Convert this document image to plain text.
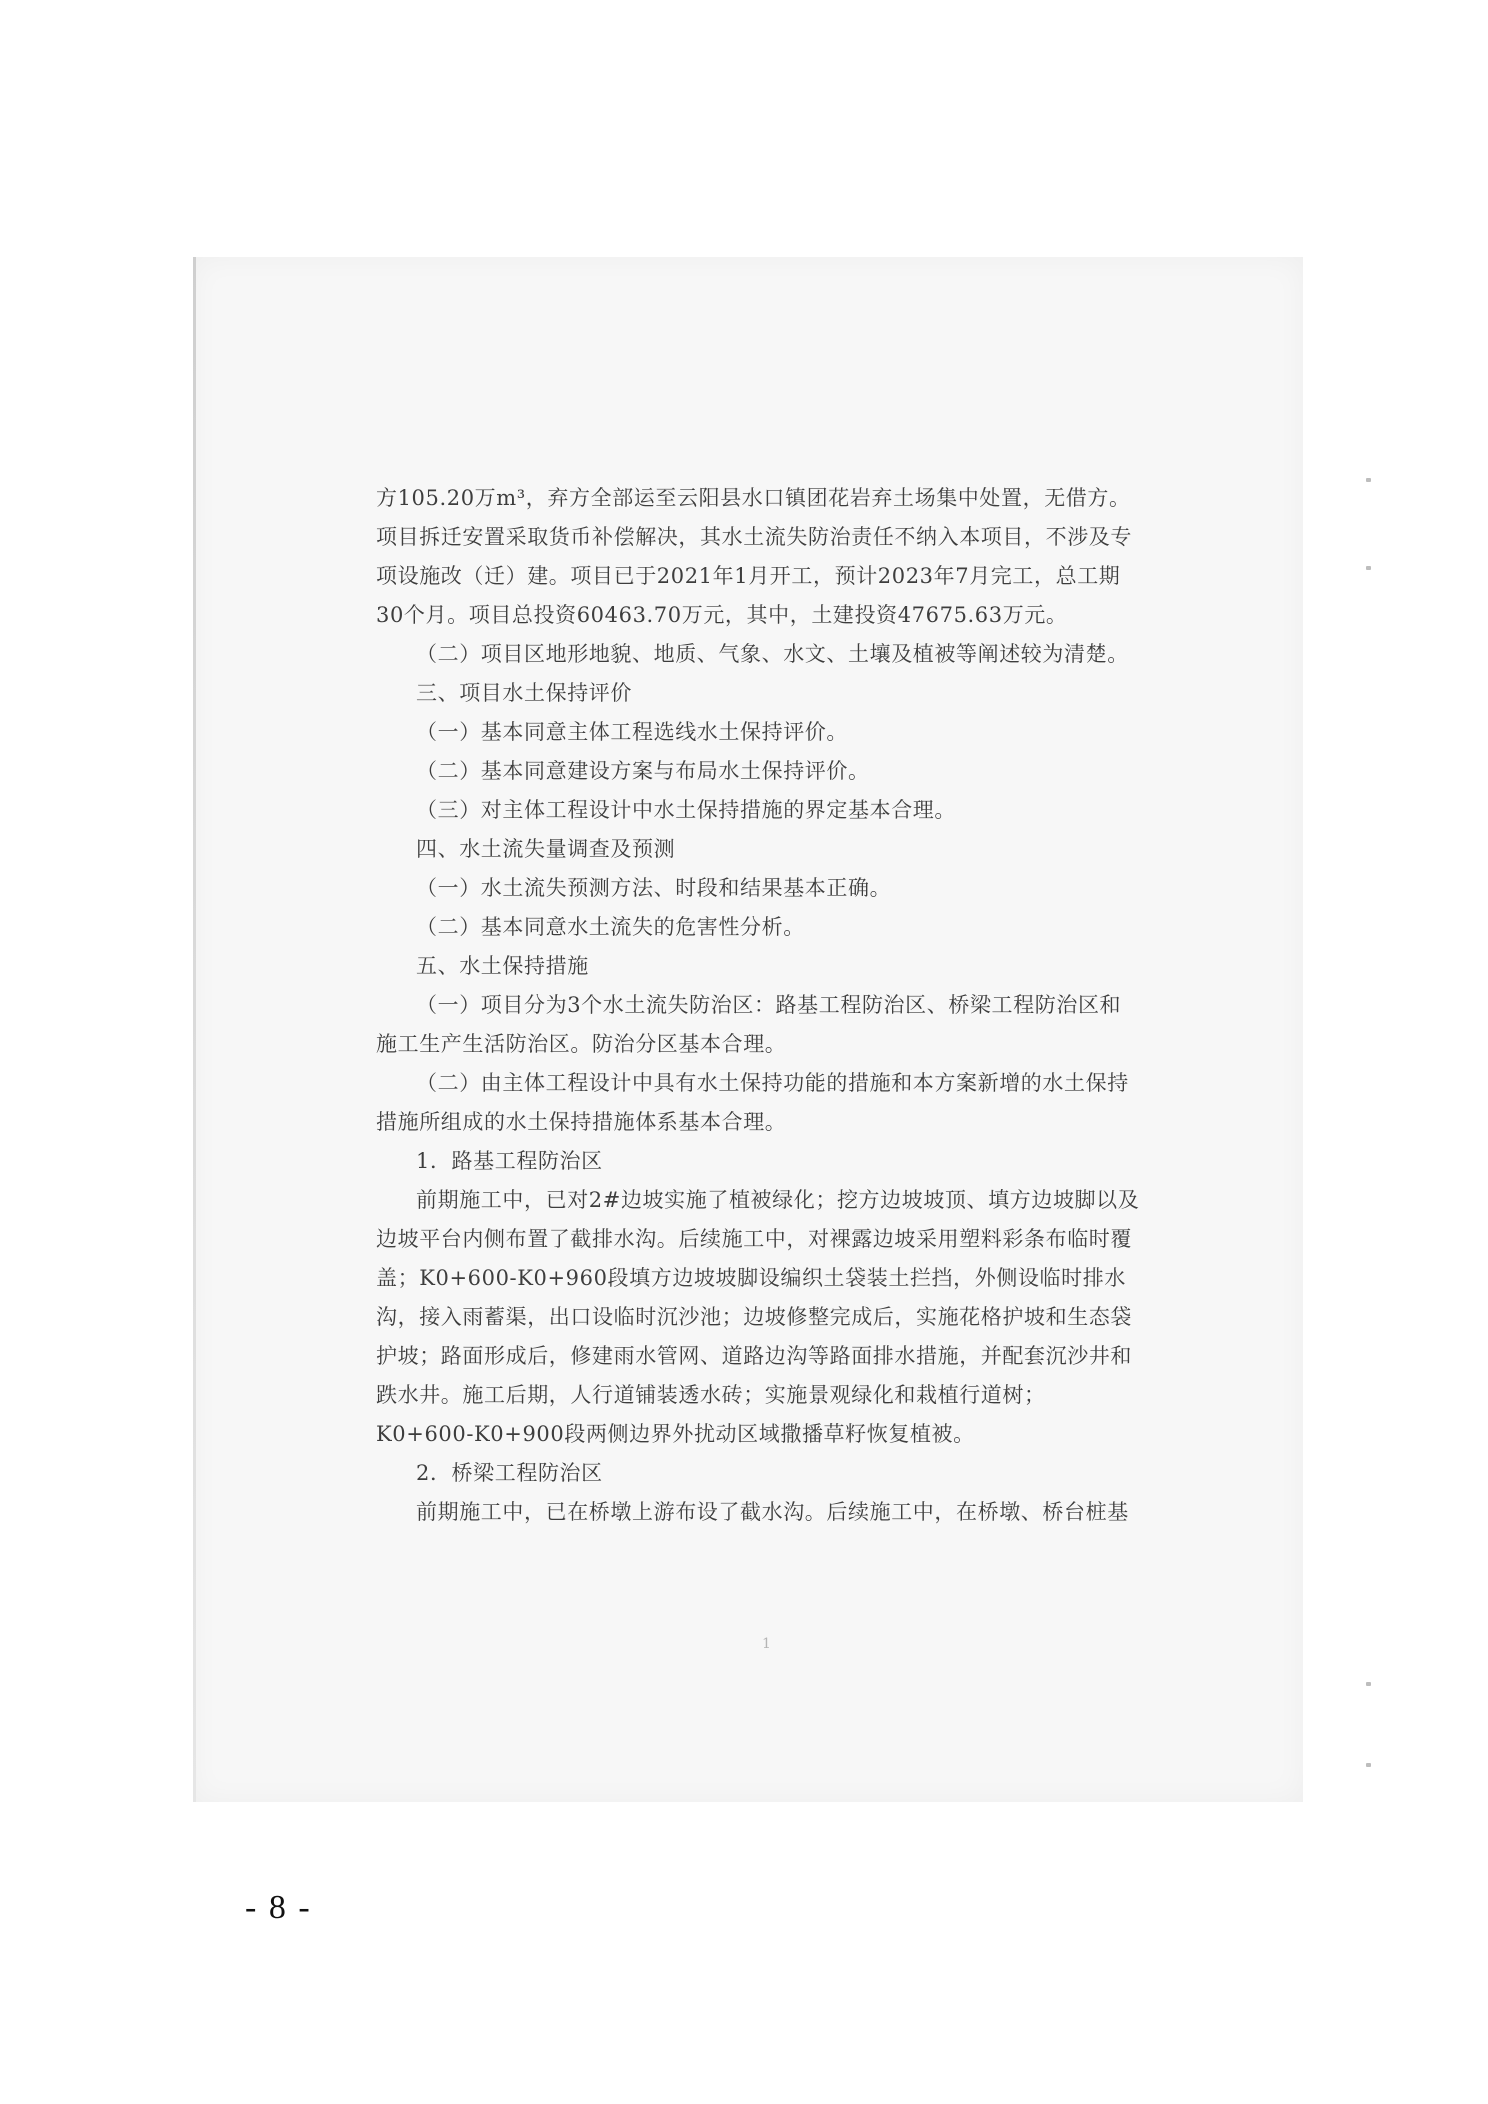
方105.20万m³，弃方全部运至云阳县水口镇团花岩弃土场集中处置，无借方。

项目拆迁安置采取货币补偿解决，其水土流失防治责任不纳入本项目，不涉及专

项设施改（迁）建。项目已于2021年1月开工，预计2023年7月完工，总工期

30个月。项目总投资60463.70万元，其中，土建投资47675.63万元。

（二）项目区地形地貌、地质、气象、水文、土壤及植被等阐述较为清楚。

三、项目水土保持评价

（一）基本同意主体工程选线水土保持评价。

（二）基本同意建设方案与布局水土保持评价。

（三）对主体工程设计中水土保持措施的界定基本合理。

四、水土流失量调查及预测

（一）水土流失预测方法、时段和结果基本正确。

（二）基本同意水土流失的危害性分析。

五、水土保持措施

（一）项目分为3个水土流失防治区：路基工程防治区、桥梁工程防治区和

施工生产生活防治区。防治分区基本合理。

（二）由主体工程设计中具有水土保持功能的措施和本方案新增的水土保持

措施所组成的水土保持措施体系基本合理。

1．路基工程防治区

前期施工中，已对2#边坡实施了植被绿化；挖方边坡坡顶、填方边坡脚以及

边坡平台内侧布置了截排水沟。后续施工中，对裸露边坡采用塑料彩条布临时覆

盖；K0+600-K0+960段填方边坡坡脚设编织土袋装土拦挡，外侧设临时排水

沟，接入雨蓄渠，出口设临时沉沙池；边坡修整完成后，实施花格护坡和生态袋

护坡；路面形成后，修建雨水管网、道路边沟等路面排水措施，并配套沉沙井和

跌水井。施工后期，人行道铺装透水砖；实施景观绿化和栽植行道树；

K0+600-K0+900段两侧边界外扰动区域撒播草籽恢复植被。

2．桥梁工程防治区

前期施工中，已在桥墩上游布设了截水沟。后续施工中，在桥墩、桥台桩基

1
- 8 -
